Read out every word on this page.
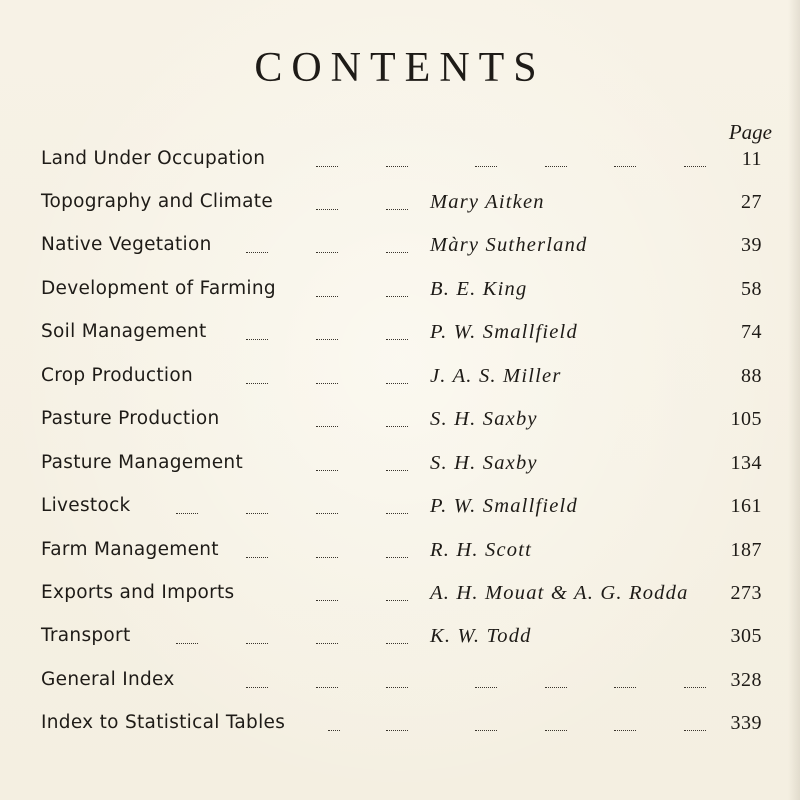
CONTENTS
Page
Land Under Occupation	11
Topography and Climate	Mary Aitken	27
Native Vegetation	Màry Sutherland	39
Development of Farming	B. E. King	58
Soil Management	P. W. Smallfield	74
Crop Production	J. A. S. Miller	88
Pasture Production	S. H. Saxby	105
Pasture Management	S. H. Saxby	134
Livestock	P. W. Smallfield	161
Farm Management	R. H. Scott	187
Exports and Imports	A. H. Mouat & A. G. Rodda 273
Transport	K. W. Todd	305
General Index	328
Index to Statistical Tables	339
